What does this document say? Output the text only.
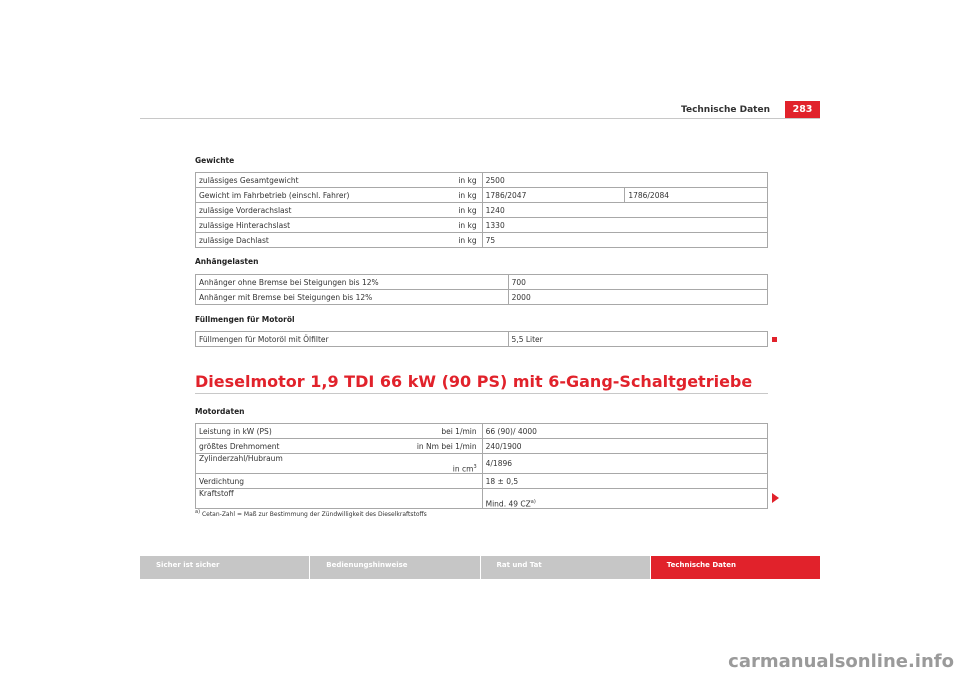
Technische Daten	283
Gewichte
zulässiges Gesamtgewicht	in kg	2500	
Gewicht im Fahrbetrieb (einschl. Fahrer)	in kg	1786/2047	1786/2084
zulässige Vorderachslast	in kg	1240	
zulässige Hinterachslast	in kg	1330	
zulässige Dachlast	in kg	75	
Anhängelasten
Anhänger ohne Bremse bei Steigungen bis 12%	700
Anhänger mit Bremse bei Steigungen bis 12%	2000
Füllmengen für Motoröl
Füllmengen für Motoröl mit Ölfilter	5,5 Liter
Dieselmotor 1,9 TDI 66 kW (90 PS) mit 6-Gang-Schaltgetriebe
Motordaten
Leistung in kW (PS)	bei 1/min	66 (90)/ 4000
größtes Drehmoment	in Nm bei 1/min	240/1900
Zylinderzahl/Hubraum	in $cm^3$	4/1896
Verdichtung		18 ± 0,5
Kraftstoff		Mind. 49 CZ$^{a)}$
$^{a)}$ Cetan-Zahl = Maß zur Bestimmung der Zündwilligkeit des Dieselkraftstoffs
Sicher ist sicher	Bedienungshinweise	Rat und Tat	Technische Daten
carmanualsonline.info
